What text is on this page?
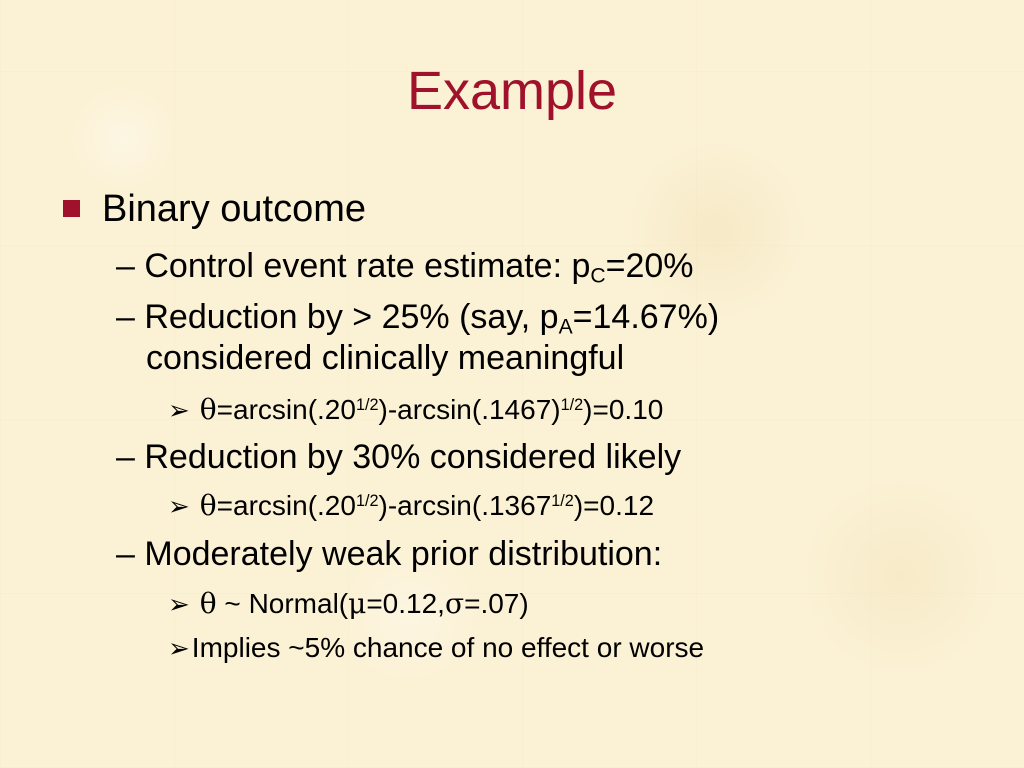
Example
Binary outcome
– Control event rate estimate: $p_C=20\%$
– Reduction by > 25% (say, $p_A=14.67\%$)
considered clinically meaningful
➢ $\theta=\arcsin(.20^{1/2})-\arcsin(.1467)^{1/2})=0.10$
– Reduction by 30% considered likely
➢ $\theta=\arcsin(.20^{1/2})-\arcsin(.1367^{1/2})=0.12$
– Moderately weak prior distribution:
➢ θ ~ Normal(μ=0.12,σ=.07)
➢Implies ~5% chance of no effect or worse
